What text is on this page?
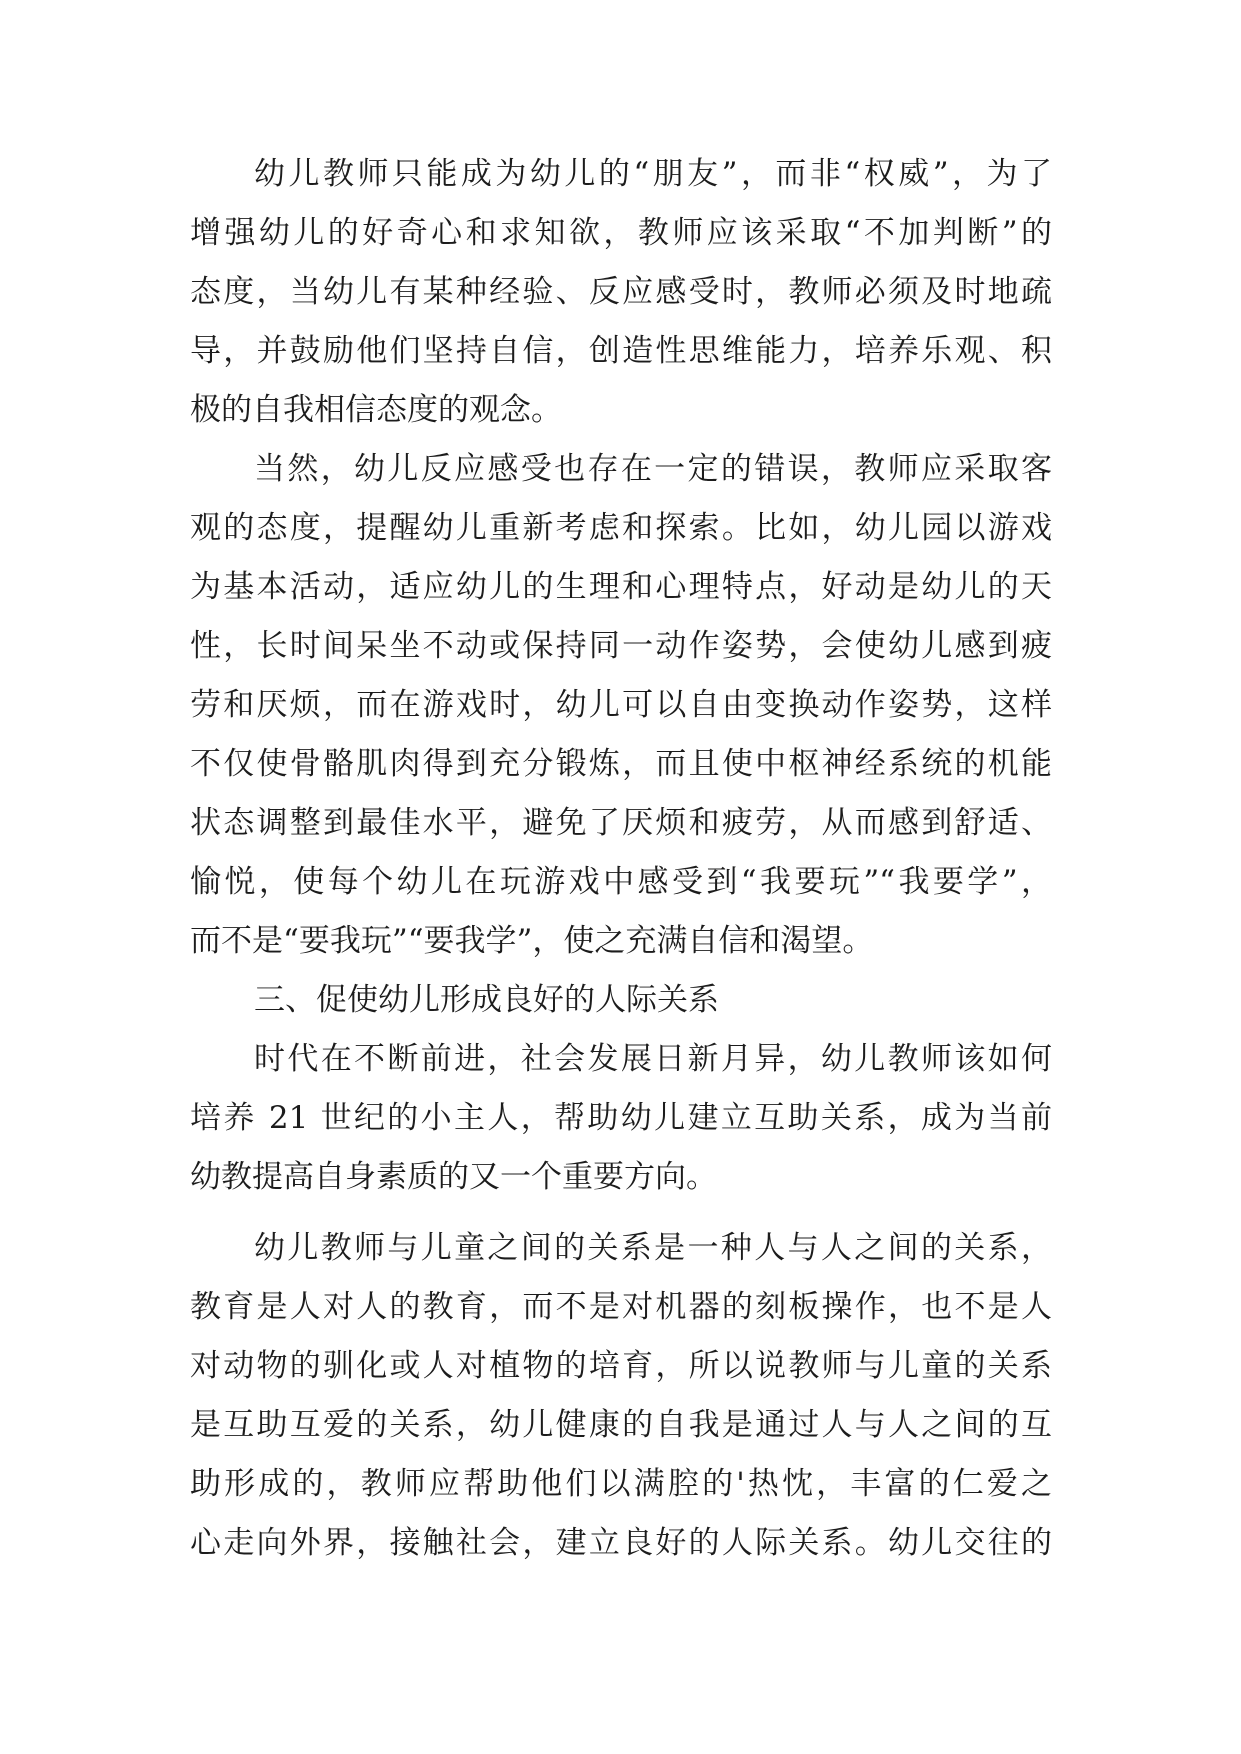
幼儿教师只能成为幼儿的“朋友”，而非“权威”，为了
增强幼儿的好奇心和求知欲，教师应该采取“不加判断”的
态度，当幼儿有某种经验、反应感受时，教师必须及时地疏
导，并鼓励他们坚持自信，创造性思维能力，培养乐观、积
极的自我相信态度的观念。
当然，幼儿反应感受也存在一定的错误，教师应采取客
观的态度，提醒幼儿重新考虑和探索。比如，幼儿园以游戏
为基本活动，适应幼儿的生理和心理特点，好动是幼儿的天
性，长时间呆坐不动或保持同一动作姿势，会使幼儿感到疲
劳和厌烦，而在游戏时，幼儿可以自由变换动作姿势，这样
不仅使骨骼肌肉得到充分锻炼，而且使中枢神经系统的机能
状态调整到最佳水平，避免了厌烦和疲劳，从而感到舒适、
愉悦，使每个幼儿在玩游戏中感受到“我要玩”“我要学”，
而不是“要我玩”“要我学”，使之充满自信和渴望。
三、促使幼儿形成良好的人际关系
时代在不断前进，社会发展日新月异，幼儿教师该如何
培养 21 世纪的小主人，帮助幼儿建立互助关系，成为当前
幼教提高自身素质的又一个重要方向。
幼儿教师与儿童之间的关系是一种人与人之间的关系，
教育是人对人的教育，而不是对机器的刻板操作，也不是人
对动物的驯化或人对植物的培育，所以说教师与儿童的关系
是互助互爱的关系，幼儿健康的自我是通过人与人之间的互
助形成的，教师应帮助他们以满腔的'热忱，丰富的仁爱之
心走向外界，接触社会，建立良好的人际关系。幼儿交往的
